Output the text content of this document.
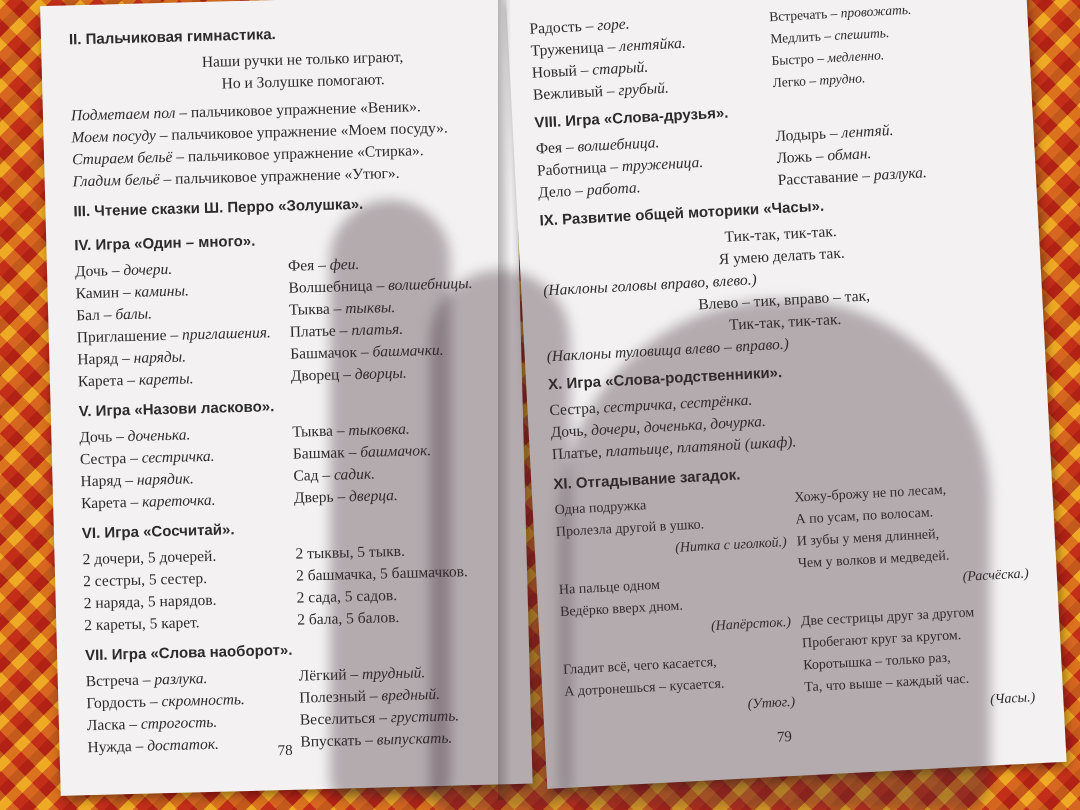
II. Пальчиковая гимнастика.
Наши ручки не только играют,
Но и Золушке помогают.
Подметаем пол – пальчиковое упражнение «Веник».
Моем посуду – пальчиковое упражнение «Моем посуду».
Стираем бельё – пальчиковое упражнение «Стирка».
Гладим бельё – пальчиковое упражнение «Утюг».
III. Чтение сказки Ш. Перро «Золушка».
IV. Игра «Один – много».
Дочь – дочери.
Камин – камины.
Бал – балы.
Приглашение – приглашения.
Наряд – наряды.
Карета – кареты.
Фея – феи.
Волшебница – волшебницы.
Тыква – тыквы.
Платье – платья.
Башмачок – башмачки.
Дворец – дворцы.
V. Игра «Назови ласково».
Дочь – доченька.
Сестра – сестричка.
Наряд – нарядик.
Карета – кареточка.
Тыква – тыковка.
Башмак – башмачок.
Сад – садик.
Дверь – дверца.
VI. Игра «Сосчитай».
2 дочери, 5 дочерей.
2 сестры, 5 сестер.
2 наряда, 5 нарядов.
2 кареты, 5 карет.
2 тыквы, 5 тыкв.
2 башмачка, 5 башмачков.
2 сада, 5 садов.
2 бала, 5 балов.
VII. Игра «Слова наоборот».
Встреча – разлука.
Гордость – скромность.
Ласка – строгость.
Нужда – достаток.
Лёгкий – трудный.
Полезный – вредный.
Веселиться – грустить.
Впускать – выпускать.
78
Радость – горе.
Труженица – лентяйка.
Новый – старый.
Вежливый – грубый.
Встречать – провожать.
Медлить – спешить.
Быстро – медленно.
Легко – трудно.
VIII. Игра «Слова-друзья».
Фея – волшебница.
Работница – труженица.
Дело – работа.
Лодырь – лентяй.
Ложь – обман.
Расставание – разлука.
IX. Развитие общей моторики «Часы».
Тик-так, тик-так.
Я умею делать так.
(Наклоны головы вправо, влево.)
Влево – тик, вправо – так,
Тик-так, тик-так.
(Наклоны туловища влево – вправо.)
X. Игра «Слова-родственники».
Сестра, сестричка, сестрёнка.
Дочь, дочери, доченька, дочурка.
Платье, платьице, платяной (шкаф).
XI. Отгадывание загадок.
Одна подружка
Пролезла другой в ушко.
(Нитка с иголкой.)
На пальце одном
Ведёрко вверх дном.
(Напёрсток.)
Гладит всё, чего касается,
А дотронешься – кусается.
(Утюг.)
Хожу-брожу не по лесам,
А по усам, по волосам.
И зубы у меня длинней,
Чем у волков и медведей.
(Расчёска.)
Две сестрицы друг за другом
Пробегают круг за кругом.
Коротышка – только раз,
Та, что выше – каждый час.
(Часы.)
79
